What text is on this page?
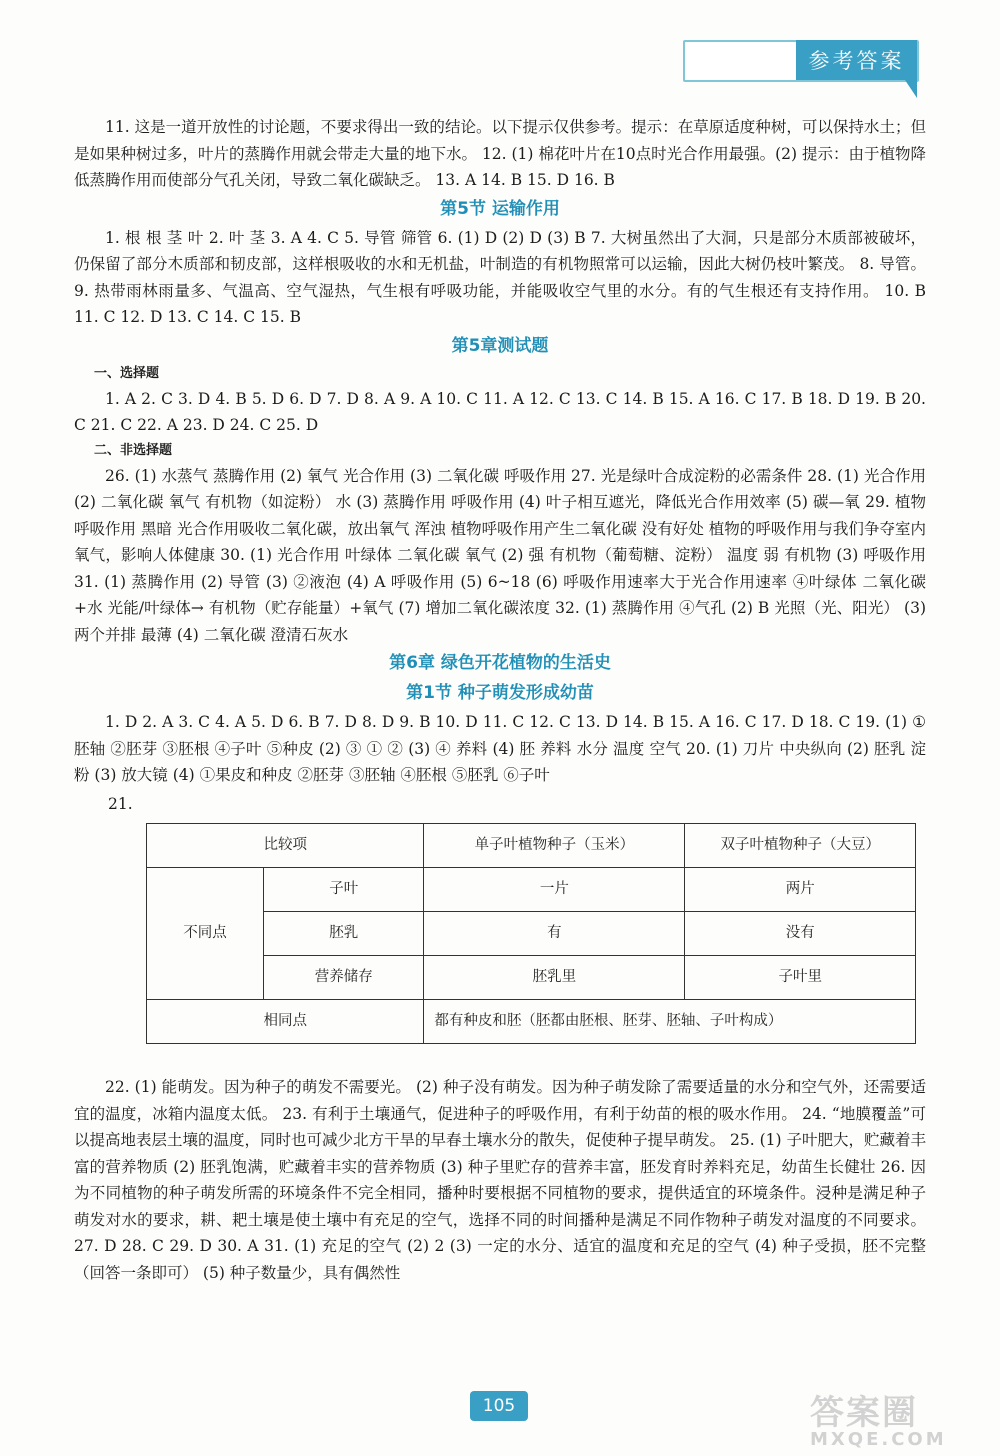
参考答案

11. 这是一道开放性的讨论题，不要求得出一致的结论。以下提示仅供参考。提示：在草原适度种树，可以保持水土；但是如果种树过多，叶片的蒸腾作用就会带走大量的地下水。 12. (1) 棉花叶片在10点时光合作用最强。(2) 提示：由于植物降低蒸腾作用而使部分气孔关闭，导致二氧化碳缺乏。 13. A 14. B 15. D 16. B

第5节 运输作用

1. 根 根 茎 叶 2. 叶 茎 3. A 4. C 5. 导管 筛管 6. (1) D (2) D (3) B 7. 大树虽然出了大洞，只是部分木质部被破坏，仍保留了部分木质部和韧皮部，这样根吸收的水和无机盐，叶制造的有机物照常可以运输，因此大树仍枝叶繁茂。 8. 导管。 9. 热带雨林雨量多、气温高、空气湿热，气生根有呼吸功能，并能吸收空气里的水分。有的气生根还有支持作用。 10. B 11. C 12. D 13. C 14. C 15. B

第5章测试题
一、选择题

1. A 2. C 3. D 4. B 5. D 6. D 7. D 8. A 9. A 10. C 11. A 12. C 13. C 14. B 15. A 16. C 17. B 18. D 19. B 20. C 21. C 22. A 23. D 24. C 25. D

二、非选择题

26. (1) 水蒸气 蒸腾作用 (2) 氧气 光合作用 (3) 二氧化碳 呼吸作用 27. 光是绿叶合成淀粉的必需条件 28. (1) 光合作用 (2) 二氧化碳 氧气 有机物（如淀粉） 水 (3) 蒸腾作用 呼吸作用 (4) 叶子相互遮光，降低光合作用效率 (5) 碳—氧 29. 植物呼吸作用 黑暗 光合作用吸收二氧化碳，放出氧气 浑浊 植物呼吸作用产生二氧化碳 没有好处 植物的呼吸作用与我们争夺室内氧气，影响人体健康 30. (1) 光合作用 叶绿体 二氧化碳 氧气 (2) 强 有机物（葡萄糖、淀粉） 温度 弱 有机物 (3) 呼吸作用 31. (1) 蒸腾作用 (2) 导管 (3) ②液泡 (4) A 呼吸作用 (5) 6~18 (6) 呼吸作用速率大于光合作用速率 ④叶绿体 二氧化碳+水 光能/叶绿体→ 有机物（贮存能量）+氧气 (7) 增加二氧化碳浓度 32. (1) 蒸腾作用 ④气孔 (2) B 光照（光、阳光） (3) 两个并排 最薄 (4) 二氧化碳 澄清石灰水

第6章 绿色开花植物的生活史
第1节 种子萌发形成幼苗

1. D 2. A 3. C 4. A 5. D 6. B 7. D 8. D 9. B 10. D 11. C 12. C 13. D 14. B 15. A 16. C 17. D 18. C 19. (1) ①胚轴 ②胚芽 ③胚根 ④子叶 ⑤种皮 (2) ③ ① ② (3) ④ 养料 (4) 胚 养料 水分 温度 空气 20. (1) 刀片 中央纵向 (2) 胚乳 淀粉 (3) 放大镜 (4) ①果皮和种皮 ②胚芽 ③胚轴 ④胚根 ⑤胚乳 ⑥子叶

21.
比较项		单子叶植物种子（玉米）	双子叶植物种子（大豆）
不同点	子叶	一片	两片
	胚乳	有	没有
	营养储存	胚乳里	子叶里
相同点		都有种皮和胚（胚都由胚根、胚芽、胚轴、子叶构成）	

22. (1) 能萌发。因为种子的萌发不需要光。 (2) 种子没有萌发。因为种子萌发除了需要适量的水分和空气外，还需要适宜的温度，冰箱内温度太低。 23. 有利于土壤通气，促进种子的呼吸作用，有利于幼苗的根的吸水作用。 24. “地膜覆盖”可以提高地表层土壤的温度，同时也可减少北方干旱的早春土壤水分的散失，促使种子提早萌发。 25. (1) 子叶肥大，贮藏着丰富的营养物质 (2) 胚乳饱满，贮藏着丰实的营养物质 (3) 种子里贮存的营养丰富，胚发育时养料充足，幼苗生长健壮 26. 因为不同植物的种子萌发所需的环境条件不完全相同，播种时要根据不同植物的要求，提供适宜的环境条件。浸种是满足种子萌发对水的要求，耕、耙土壤是使土壤中有充足的空气，选择不同的时间播种是满足不同作物种子萌发对温度的不同要求。 27. D 28. C 29. D 30. A 31. (1) 充足的空气 (2) 2 (3) 一定的水分、适宜的温度和充足的空气 (4) 种子受损，胚不完整（回答一条即可） (5) 种子数量少，具有偶然性

105	答案圈
MXQE.COM
